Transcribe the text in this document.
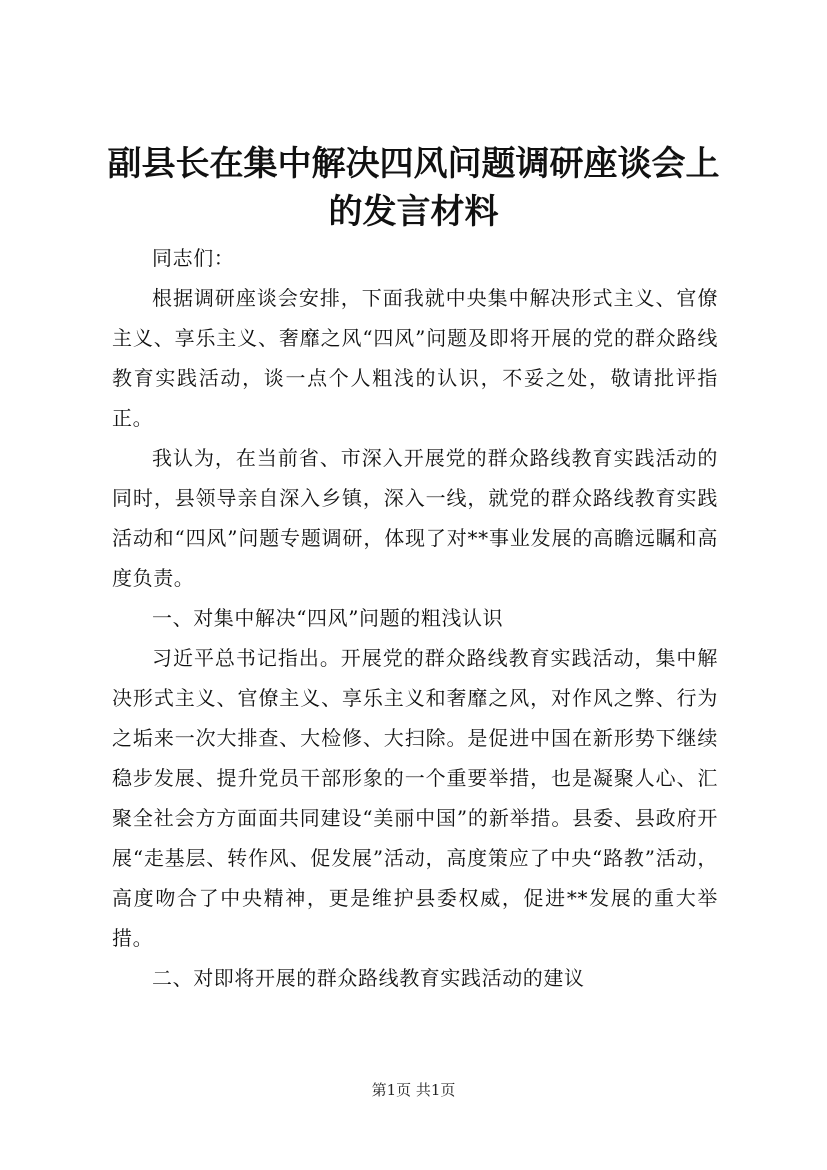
副县长在集中解决四风问题调研座谈会上的发言材料

同志们：

根据调研座谈会安排，下面我就中央集中解决形式主义、官僚主义、享乐主义、奢靡之风“四风”问题及即将开展的党的群众路线教育实践活动，谈一点个人粗浅的认识，不妥之处，敬请批评指正。

我认为，在当前省、市深入开展党的群众路线教育实践活动的同时，县领导亲自深入乡镇，深入一线，就党的群众路线教育实践活动和“四风”问题专题调研，体现了对**事业发展的高瞻远瞩和高度负责。

一、对集中解决“四风”问题的粗浅认识

习近平总书记指出。开展党的群众路线教育实践活动，集中解决形式主义、官僚主义、享乐主义和奢靡之风，对作风之弊、行为之垢来一次大排查、大检修、大扫除。是促进中国在新形势下继续稳步发展、提升党员干部形象的一个重要举措，也是凝聚人心、汇聚全社会方方面面共同建设“美丽中国”的新举措。县委、县政府开展“走基层、转作风、促发展”活动，高度策应了中央“路教”活动，高度吻合了中央精神，更是维护县委权威，促进**发展的重大举措。

二、对即将开展的群众路线教育实践活动的建议

第1页 共1页
